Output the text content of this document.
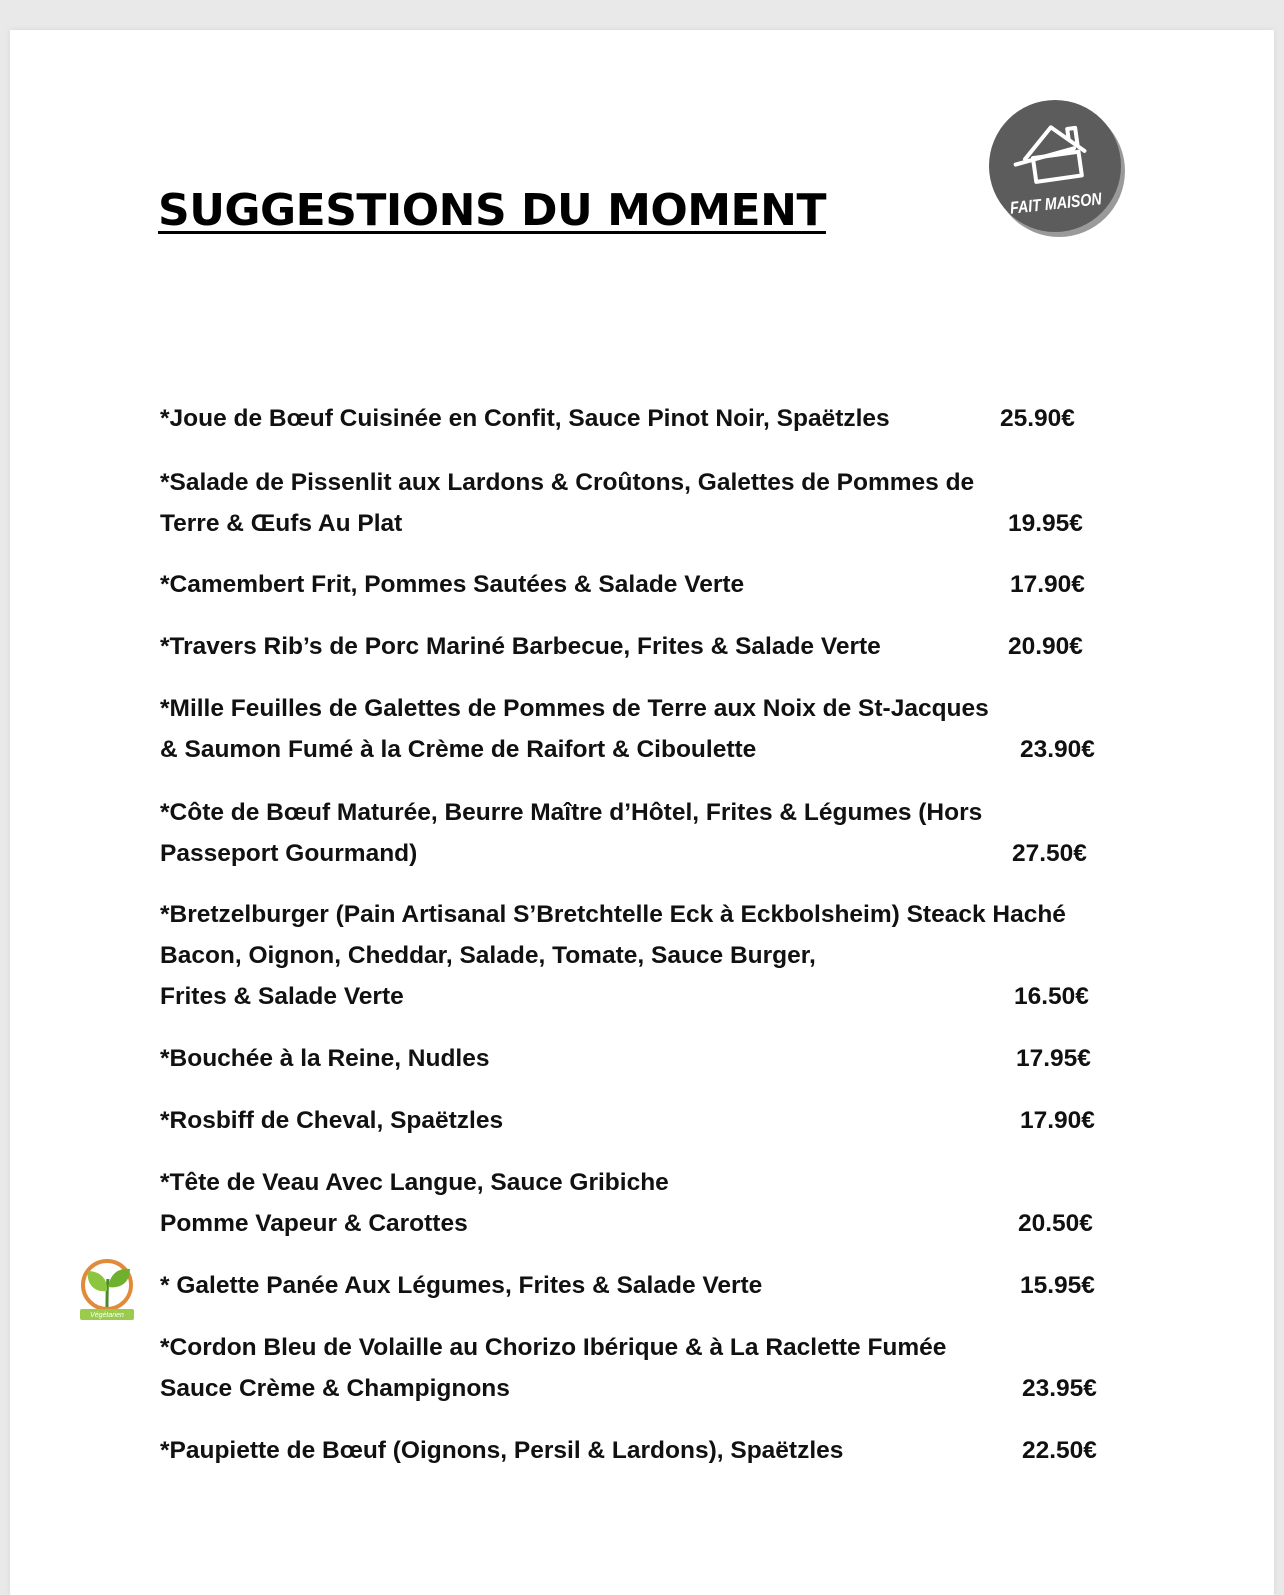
SUGGESTIONS DU MOMENT	FAIT MAISON
Végétarien
*Joue de Bœuf Cuisinée en Confit, Sauce Pinot Noir, Spaëtzles	25.90€
*Salade de Pissenlit aux Lardons & Croûtons, Galettes de Pommes de
Terre & Œufs Au Plat	19.95€
*Camembert Frit, Pommes Sautées & Salade Verte	17.90€
*Travers Rib’s de Porc Mariné Barbecue, Frites & Salade Verte	20.90€
*Mille Feuilles de Galettes de Pommes de Terre aux Noix de St-Jacques
& Saumon Fumé à la Crème de Raifort & Ciboulette	23.90€
*Côte de Bœuf Maturée, Beurre Maître d’Hôtel, Frites & Légumes (Hors
Passeport Gourmand)	27.50€
*Bretzelburger (Pain Artisanal S’Bretchtelle Eck à Eckbolsheim) Steack Haché
Bacon, Oignon, Cheddar, Salade, Tomate, Sauce Burger,
Frites & Salade Verte	16.50€
*Bouchée à la Reine, Nudles	17.95€
*Rosbiff de Cheval, Spaëtzles	17.90€
*Tête de Veau Avec Langue, Sauce Gribiche
Pomme Vapeur & Carottes	20.50€
* Galette Panée Aux Légumes, Frites & Salade Verte	15.95€
*Cordon Bleu de Volaille au Chorizo Ibérique & à La Raclette Fumée
Sauce Crème & Champignons	23.95€
*Paupiette de Bœuf (Oignons, Persil & Lardons), Spaëtzles	22.50€
